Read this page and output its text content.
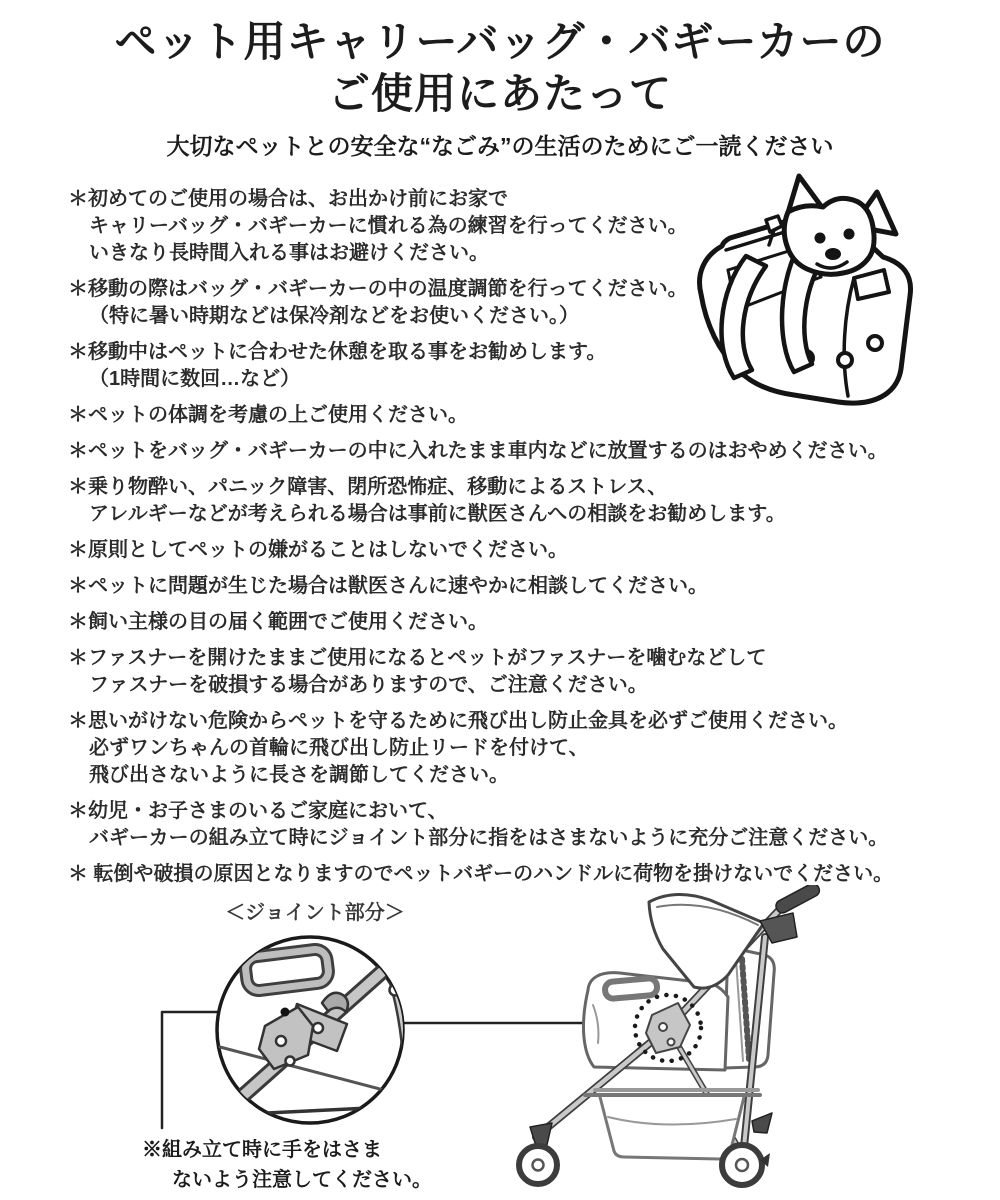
ペット用キャリーバッグ・バギーカーの
ご使用にあたって
大切なペットとの安全な“なごみ”の生活のためにご一読ください
＊初めてのご使用の場合は、お出かけ前にお家で
キャリーバッグ・バギーカーに慣れる為の練習を行ってください。
いきなり長時間入れる事はお避けください。
＊移動の際はバッグ・バギーカーの中の温度調節を行ってください。
（特に暑い時期などは保冷剤などをお使いください。）
＊移動中はペットに合わせた休憩を取る事をお勧めします。
（1時間に数回…など）
＊ペットの体調を考慮の上ご使用ください。
＊ペットをバッグ・バギーカーの中に入れたまま車内などに放置するのはおやめください。
＊乗り物酔い、パニック障害、閉所恐怖症、移動によるストレス、
アレルギーなどが考えられる場合は事前に獣医さんへの相談をお勧めします。
＊原則としてペットの嫌がることはしないでください。
＊ペットに問題が生じた場合は獣医さんに速やかに相談してください。
＊飼い主様の目の届く範囲でご使用ください。
＊ファスナーを開けたままご使用になるとペットがファスナーを噛むなどして
ファスナーを破損する場合がありますので、ご注意ください。
＊思いがけない危険からペットを守るために飛び出し防止金具を必ずご使用ください。
必ずワンちゃんの首輪に飛び出し防止リードを付けて、
飛び出さないように長さを調節してください。
＊幼児・お子さまのいるご家庭において、
バギーカーの組み立て時にジョイント部分に指をはさまないように充分ご注意ください。
＊ 転倒や破損の原因となりますのでペットバギーのハンドルに荷物を掛けないでください。
＜ジョイント部分＞
※組み立て時に手をはさま
ないよう注意してください。
